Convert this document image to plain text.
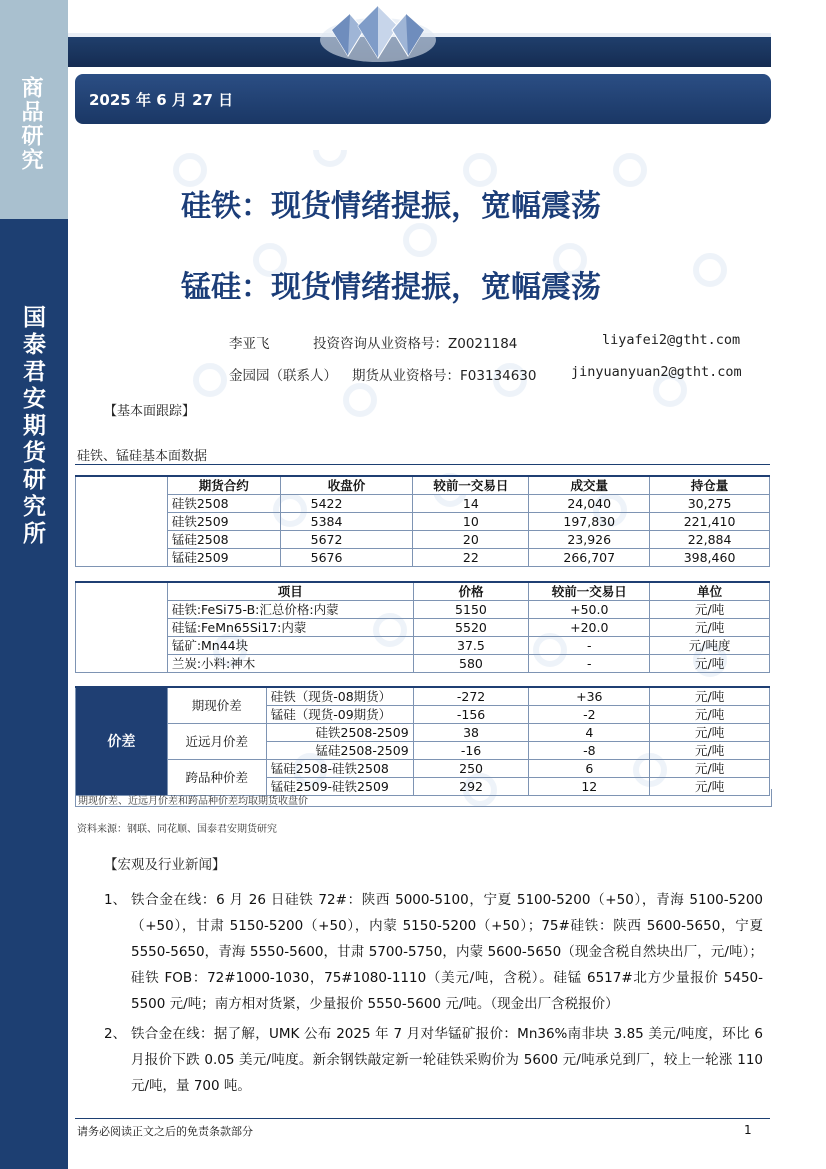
商品研究
国泰君安期货研究所
2025 年 6 月 27 日
硅铁：现货情绪提振，宽幅震荡
锰硅：现货情绪提振，宽幅震荡
李亚飞	投资咨询从业资格号：Z0021184	liyafei2@gtht.com
金园园（联系人） 期货从业资格号：F03134630	jinyuanyuan2@gtht.com
【基本面跟踪】
硅铁、锰硅基本面数据
期货	期货合约	收盘价	较前一交易日	成交量	持仓量
	硅铁2508	5422	14	24,040	30,275
	硅铁2509	5384	10	197,830	221,410
	锰硅2508	5672	20	23,926	22,884
	锰硅2509	5676	22	266,707	398,460
现货	项目	价格	较前一交易日	单位
	硅铁:FeSi75-B:汇总价格:内蒙	5150	+50.0	元/吨
	硅锰:FeMn65Si17:内蒙	5520	+20.0	元/吨
	锰矿:Mn44块	37.5	-	元/吨度
	兰炭:小料:神木	580	-	元/吨
价差	期现价差	硅铁（现货-08期货）	-272	+36	元/吨
		锰硅（现货-09期货）	-156	-2	元/吨
	近远月价差	硅铁2508-2509	38	4	元/吨
		锰硅2508-2509	-16	-8	元/吨
	跨品种价差	锰硅2508-硅铁2508	250	6	元/吨
		锰硅2509-硅铁2509	292	12	元/吨
期现价差、近远月价差和跨品种价差均取期货收盘价
资料来源：钢联、同花顺、国泰君安期货研究
【宏观及行业新闻】
1、 铁合金在线：6 月 26 日硅铁 72#：陕西 5000-5100，宁夏 5100-5200（+50），青海 5100-5200（+50），甘肃 5150-5200（+50），内蒙 5150-5200（+50）；75#硅铁：陕西 5600-5650，宁夏 5550-5650，青海 5550-5600，甘肃 5700-5750，内蒙 5600-5650（现金含税自然块出厂，元/吨）；硅铁 FOB：72#1000-1030，75#1080-1110（美元/吨，含税）。硅锰 6517#北方少量报价 5450-5500 元/吨；南方相对货紧，少量报价 5550-5600 元/吨。（现金出厂含税报价）
2、 铁合金在线：据了解，UMK 公布 2025 年 7 月对华锰矿报价：Mn36%南非块 3.85 美元/吨度，环比 6 月报价下跌 0.05 美元/吨度。新余钢铁敲定新一轮硅铁采购价为 5600 元/吨承兑到厂，较上一轮涨 110 元/吨，量 700 吨。
请务必阅读正文之后的免责条款部分	1
